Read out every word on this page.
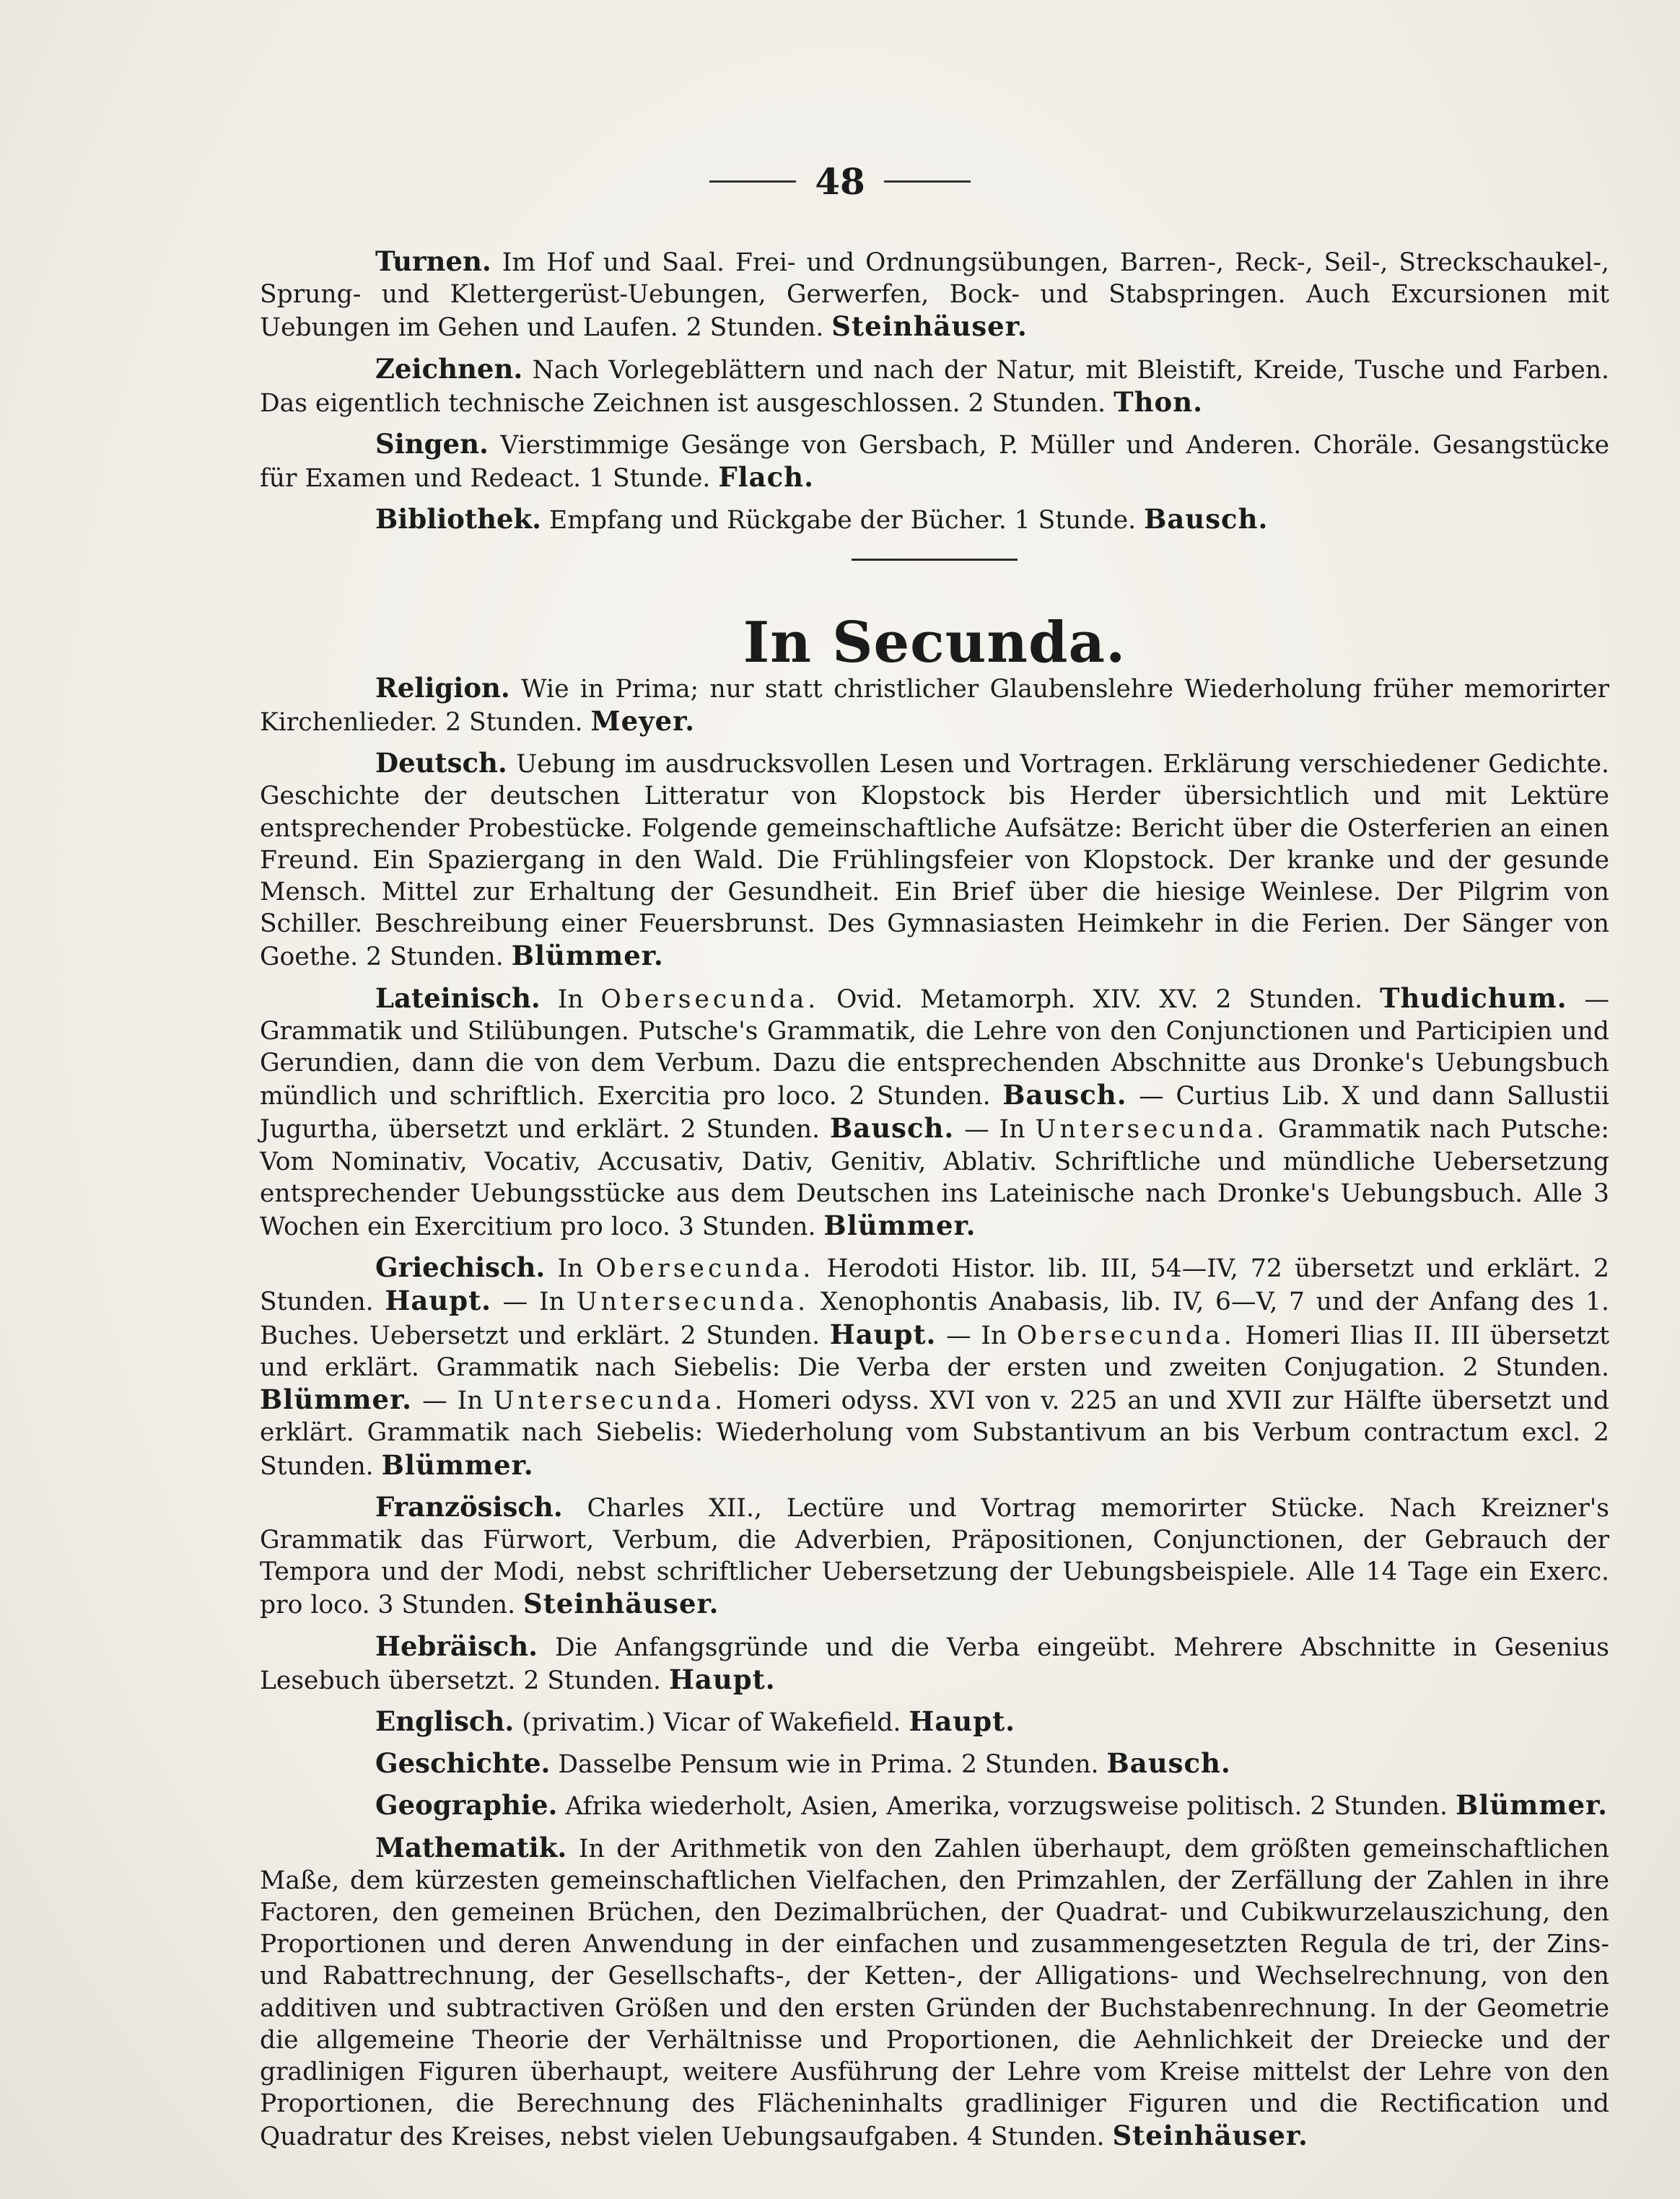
48

Turnen. Im Hof und Saal. Frei- und Ordnungsübungen, Barren-, Reck-, Seil-, Streckschaukel-, Sprung- und Klettergerüst-Uebungen, Gerwerfen, Bock- und Stabspringen. Auch Excursionen mit Uebungen im Gehen und Laufen. 2 Stunden. Steinhäuser.

Zeichnen. Nach Vorlegeblättern und nach der Natur, mit Bleistift, Kreide, Tusche und Farben. Das eigentlich technische Zeichnen ist ausgeschlossen. 2 Stunden. Thon.

Singen. Vierstimmige Gesänge von Gersbach, P. Müller und Anderen. Choräle. Gesangstücke für Examen und Redeact. 1 Stunde. Flach.

Bibliothek. Empfang und Rückgabe der Bücher. 1 Stunde. Bausch.

In Secunda.

Religion. Wie in Prima; nur statt christlicher Glaubenslehre Wiederholung früher memorirter Kirchenlieder. 2 Stunden. Meyer.

Deutsch. Uebung im ausdrucksvollen Lesen und Vortragen. Erklärung verschiedener Gedichte. Geschichte der deutschen Litteratur von Klopstock bis Herder übersichtlich und mit Lektüre entsprechender Probestücke. Folgende gemeinschaftliche Aufsätze: Bericht über die Osterferien an einen Freund. Ein Spaziergang in den Wald. Die Frühlingsfeier von Klopstock. Der kranke und der gesunde Mensch. Mittel zur Erhaltung der Gesundheit. Ein Brief über die hiesige Weinlese. Der Pilgrim von Schiller. Beschreibung einer Feuersbrunst. Des Gymnasiasten Heimkehr in die Ferien. Der Sänger von Goethe. 2 Stunden. Blümmer.

Lateinisch. In Obersecunda. Ovid. Metamorph. XIV. XV. 2 Stunden. Thudichum. — Grammatik und Stilübungen. Putsche's Grammatik, die Lehre von den Conjunctionen und Participien und Gerundien, dann die von dem Verbum. Dazu die entsprechenden Abschnitte aus Dronke's Uebungsbuch mündlich und schriftlich. Exercitia pro loco. 2 Stunden. Bausch. — Curtius Lib. X und dann Sallustii Jugurtha, übersetzt und erklärt. 2 Stunden. Bausch. — In Untersecunda. Grammatik nach Putsche: Vom Nominativ, Vocativ, Accusativ, Dativ, Genitiv, Ablativ. Schriftliche und mündliche Uebersetzung entsprechender Uebungsstücke aus dem Deutschen ins Lateinische nach Dronke's Uebungsbuch. Alle 3 Wochen ein Exercitium pro loco. 3 Stunden. Blümmer.

Griechisch. In Obersecunda. Herodoti Histor. lib. III, 54—IV, 72 übersetzt und erklärt. 2 Stunden. Haupt. — In Untersecunda. Xenophontis Anabasis, lib. IV, 6—V, 7 und der Anfang des 1. Buches. Uebersetzt und erklärt. 2 Stunden. Haupt. — In Obersecunda. Homeri Ilias II. III übersetzt und erklärt. Grammatik nach Siebelis: Die Verba der ersten und zweiten Conjugation. 2 Stunden. Blümmer. — In Untersecunda. Homeri odyss. XVI von v. 225 an und XVII zur Hälfte übersetzt und erklärt. Grammatik nach Siebelis: Wiederholung vom Substantivum an bis Verbum contractum excl. 2 Stunden. Blümmer.

Französisch. Charles XII., Lectüre und Vortrag memorirter Stücke. Nach Kreizner's Grammatik das Fürwort, Verbum, die Adverbien, Präpositionen, Conjunctionen, der Gebrauch der Tempora und der Modi, nebst schriftlicher Uebersetzung der Uebungsbeispiele. Alle 14 Tage ein Exerc. pro loco. 3 Stunden. Steinhäuser.

Hebräisch. Die Anfangsgründe und die Verba eingeübt. Mehrere Abschnitte in Gesenius Lesebuch übersetzt. 2 Stunden. Haupt.

Englisch. (privatim.) Vicar of Wakefield. Haupt.

Geschichte. Dasselbe Pensum wie in Prima. 2 Stunden. Bausch.

Geographie. Afrika wiederholt, Asien, Amerika, vorzugsweise politisch. 2 Stunden. Blümmer.

Mathematik. In der Arithmetik von den Zahlen überhaupt, dem größten gemeinschaftlichen Maße, dem kürzesten gemeinschaftlichen Vielfachen, den Primzahlen, der Zerfällung der Zahlen in ihre Factoren, den gemeinen Brüchen, den Dezimalbrüchen, der Quadrat- und Cubikwurzelauszichung, den Proportionen und deren Anwendung in der einfachen und zusammengesetzten Regula de tri, der Zins- und Rabattrechnung, der Gesellschafts-, der Ketten-, der Alligations- und Wechselrechnung, von den additiven und subtractiven Größen und den ersten Gründen der Buchstabenrechnung. In der Geometrie die allgemeine Theorie der Verhältnisse und Proportionen, die Aehnlichkeit der Dreiecke und der gradlinigen Figuren überhaupt, weitere Ausführung der Lehre vom Kreise mittelst der Lehre von den Proportionen, die Berechnung des Flächeninhalts gradliniger Figuren und die Rectification und Quadratur des Kreises, nebst vielen Uebungsaufgaben. 4 Stunden. Steinhäuser.
